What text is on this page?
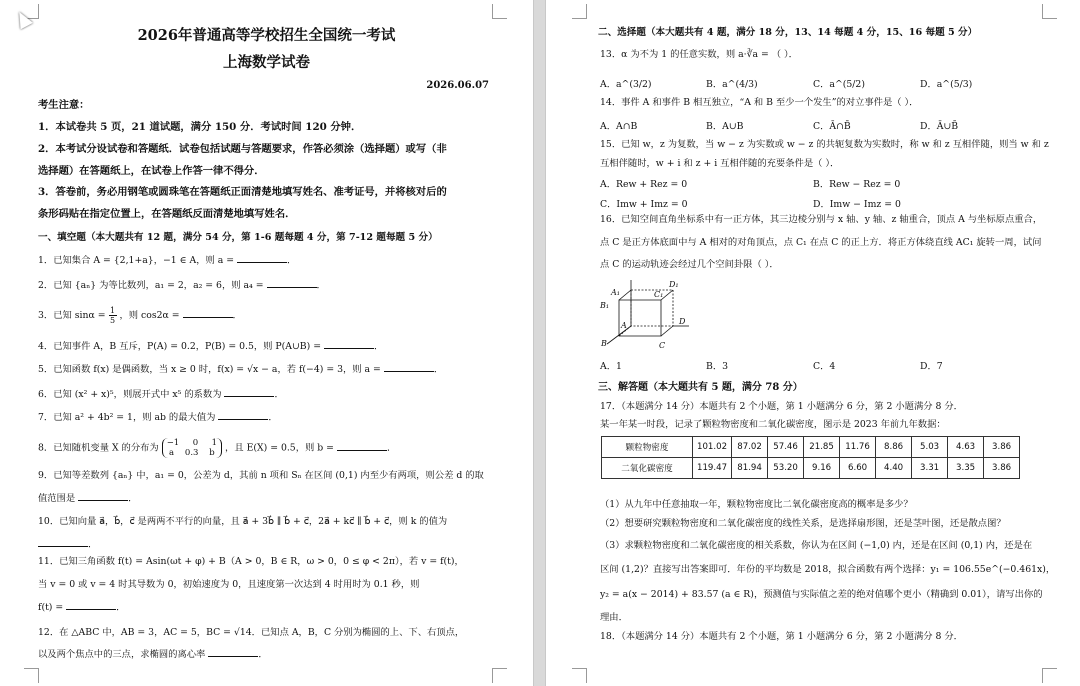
2026年普通高等学校招生全国统一考试
上海数学试卷
2026.06.07
考生注意：
1．本试卷共 5 页，21 道试题，满分 150 分．考试时间 120 分钟．
2．本考试分设试卷和答题纸．试卷包括试题与答题要求，作答必须涂（选择题）或写（非
选择题）在答题纸上，在试卷上作答一律不得分．
3．答卷前，务必用钢笔或圆珠笔在答题纸正面清楚地填写姓名、准考证号，并将核对后的
条形码贴在指定位置上，在答题纸反面清楚地填写姓名．
一、填空题（本大题共有 12 题，满分 54 分，第 1-6 题每题 4 分，第 7-12 题每题 5 分）
1．已知集合 A = {2,1+a}，−1 ∈ A，则 a =	．
2．已知 {aₙ} 为等比数列，a₁ = 2，a₂ = 6，则 a₄ =	．
3．已知 $\sin\alpha = \frac{1}{5}$ ，则 cos2α =	．
4．已知事件 A，B 互斥，P(A) = 0.2，P(B) = 0.5，则 P(A∪B) =	．
5．已知函数 f(x) 是偶函数，当 x ≥ 0 时，f(x) = √x − a，若 f(−4) = 3，则 a =	．
6．已知 (x² + x)⁵，则展开式中 x⁵ 的系数为	．
7．已知 a² + 4b² = 1，则 ab 的最大值为	．
8．已知随机变量 X 的分布为 −1     0     1
a    0.3    b ，且 E(X) = 0.5，则 b =	．
9．已知等差数列 {aₙ} 中，a₁ = 0，公差为 d，其前 n 项和 Sₙ 在区间 (0,1) 内至少有两项，则公差 d 的取
值范围是	．
10．已知向量 a⃗，b⃗，c⃗ 是两两不平行的向量，且 a⃗ + 3b⃗ ∥ b⃗ + c⃗，2a⃗ + kc⃗ ∥ b⃗ + c⃗，则 k 的值为
．
11．已知三角函数 f(t) = Asin(ωt + φ) + B（A > 0，B ∈ R，ω > 0，0 ≤ φ < 2π），若 v = f(t)，
当 v = 0 或 v = 4 时其导数为 0，初始速度为 0，且速度第一次达到 4 时用时为 0.1 秒，则
f(t) =	．
12．在 △ABC 中，AB = 3，AC = 5，BC = √14．已知点 A，B，C 分别为椭圆的上、下、右顶点，
以及两个焦点中的三点，求椭圆的离心率	．
二、选择题（本大题共有 4 题，满分 18 分，13、14 每题 4 分，15、16 每题 5 分）
13．α 为不为 1 的任意实数，则 a·∛a = （ ）．
A．a^(3/2)	B．a^(4/3)	C．a^(5/2)	D．a^(5/3)
14．事件 A 和事件 B 相互独立，“A 和 B 至少一个发生”的对立事件是（ ）．
A．A∩B	B．A∪B	C．Ā∩B̄	D．Ā∪B̄
15．已知 w，z 为复数，当 w − z 为实数或 w − z 的共轭复数为实数时，称 w 和 z 互相伴随，则当 w 和 z
互相伴随时，w + i 和 z + i 互相伴随的充要条件是（ ）．
A．Rew + Rez = 0	B．Rew − Rez = 0
C．Imw + Imz = 0	D．Imw − Imz = 0
16．已知空间直角坐标系中有一正方体，其三边棱分别与 x 轴、y 轴、z 轴重合，顶点 A 与坐标原点重合，
点 C 是正方体底面中与 A 相对的对角顶点，点 C₁ 在点 C 的正上方．将正方体绕直线 AC₁ 旋转一周，试问
点 C 的运动轨迹会经过几个空间卦限（ ）．
A₁
D₁
B₁
C₁
A	D
B	C
A．1	B．3	C．4	D．7
三、解答题（本大题共有 5 题，满分 78 分）
17．（本题满分 14 分）本题共有 2 个小题，第 1 小题满分 6 分，第 2 小题满分 8 分．
某一年某一时段，记录了颗粒物密度和二氧化碳密度，图示是 2023 年前九年数据：
颗粒物密度	101.02	87.02	57.46	21.85	11.76	8.86	5.03	4.63	3.86
二氧化碳密度	119.47	81.94	53.20	9.16	6.60	4.40	3.31	3.35	3.86
（1）从九年中任意抽取一年，颗粒物密度比二氧化碳密度高的概率是多少？
（2）想要研究颗粒物密度和二氧化碳密度的线性关系，是选择扇形图，还是茎叶图，还是散点图？
（3）求颗粒物密度和二氧化碳密度的相关系数，你认为在区间 (−1,0) 内，还是在区间 (0,1) 内，还是在
区间 (1,2)？直接写出答案即可．年份的平均数是 2018，拟合函数有两个选择：y₁ = 106.55e^(−0.461x)，
y₂ = a(x − 2014) + 83.57 (a ∈ R)，预测值与实际值之差的绝对值哪个更小（精确到 0.01），请写出你的
理由．
18．（本题满分 14 分）本题共有 2 个小题，第 1 小题满分 6 分，第 2 小题满分 8 分．
